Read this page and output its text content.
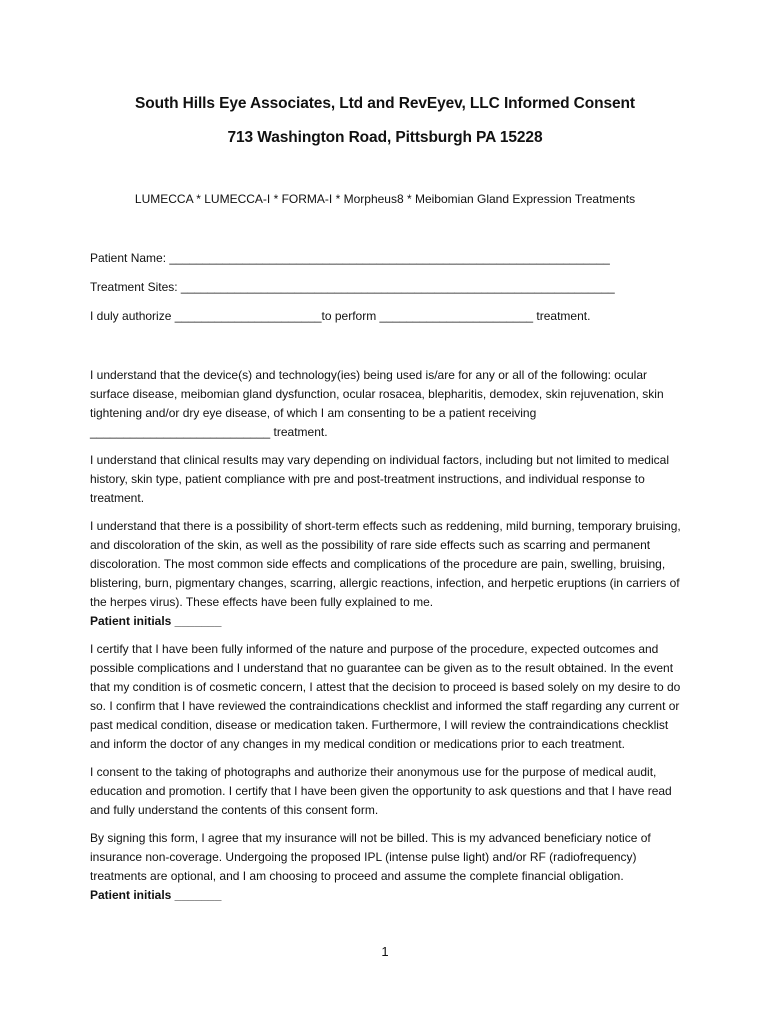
South Hills Eye Associates, Ltd and RevEyev, LLC Informed Consent
713 Washington Road, Pittsburgh PA 15228
LUMECCA * LUMECCA-I * FORMA-I * Morpheus8 * Meibomian Gland Expression Treatments
Patient Name: __________________________________________________________________
Treatment Sites: _________________________________________________________________
I duly authorize ______________________to perform _______________________ treatment.

I understand that the device(s) and technology(ies) being used is/are for any or all of the following: ocular surface disease, meibomian gland dysfunction, ocular rosacea, blepharitis, demodex, skin rejuvenation, skin tightening and/or dry eye disease, of which I am consenting to be a patient receiving ___________________________ treatment.

I understand that clinical results may vary depending on individual factors, including but not limited to medical history, skin type, patient compliance with pre and post-treatment instructions, and individual response to treatment.

I understand that there is a possibility of short-term effects such as reddening, mild burning, temporary bruising, and discoloration of the skin, as well as the possibility of rare side effects such as scarring and permanent discoloration. The most common side effects and complications of the procedure are pain, swelling, bruising, blistering, burn, pigmentary changes, scarring, allergic reactions, infection, and herpetic eruptions (in carriers of the herpes virus). These effects have been fully explained to me.
Patient initials _______

I certify that I have been fully informed of the nature and purpose of the procedure, expected outcomes and possible complications and I understand that no guarantee can be given as to the result obtained. In the event that my condition is of cosmetic concern, I attest that the decision to proceed is based solely on my desire to do so. I confirm that I have reviewed the contraindications checklist and informed the staff regarding any current or past medical condition, disease or medication taken. Furthermore, I will review the contraindications checklist and inform the doctor of any changes in my medical condition or medications prior to each treatment.

I consent to the taking of photographs and authorize their anonymous use for the purpose of medical audit, education and promotion. I certify that I have been given the opportunity to ask questions and that I have read and fully understand the contents of this consent form.

By signing this form, I agree that my insurance will not be billed. This is my advanced beneficiary notice of insurance non-coverage. Undergoing the proposed IPL (intense pulse light) and/or RF (radiofrequency) treatments are optional, and I am choosing to proceed and assume the complete financial obligation.Patient initials _______

1
